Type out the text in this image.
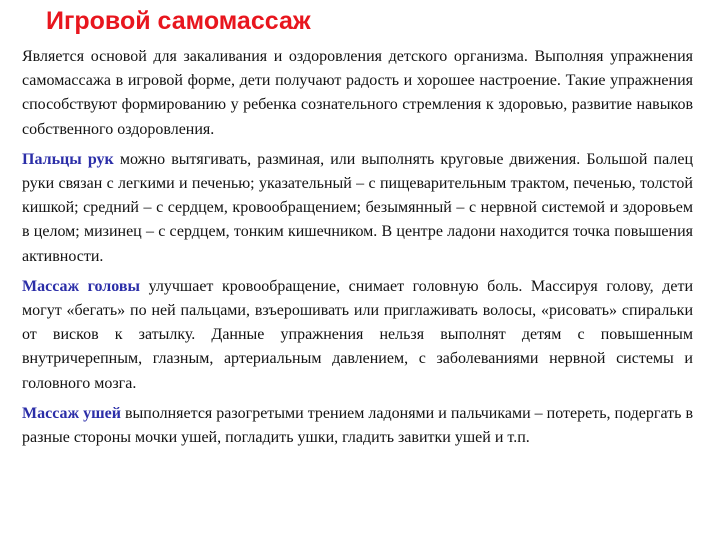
Игровой самомассаж

Является основой для закаливания и оздоровления детского организма. Выполняя упражнения самомассажа в игровой форме, дети получают радость и хорошее настроение. Такие упражнения способствуют формированию у ребенка сознательного стремления к здоровью, развитие навыков собственного оздоровления.

Пальцы рук можно вытягивать, разминая, или выполнять круговые движения. Большой палец руки связан с легкими и печенью; указательный – с пищеварительным трактом, печенью, толстой кишкой; средний – с сердцем, кровообращением; безымянный – с нервной системой и здоровьем в целом; мизинец – с сердцем, тонким кишечником. В центре ладони находится точка повышения активности.

Массаж головы улучшает кровообращение, снимает головную боль. Массируя голову, дети могут «бегать» по ней пальцами, взъерошивать или приглаживать волосы, «рисовать» спиральки от висков к затылку. Данные упражнения нельзя выполнят детям с повышенным внутричерепным, глазным, артериальным давлением, с заболеваниями нервной системы и головного мозга.

Массаж ушей выполняется разогретыми трением ладонями и пальчиками – потереть, подергать в разные стороны мочки ушей, погладить ушки, гладить завитки ушей и т.п.
